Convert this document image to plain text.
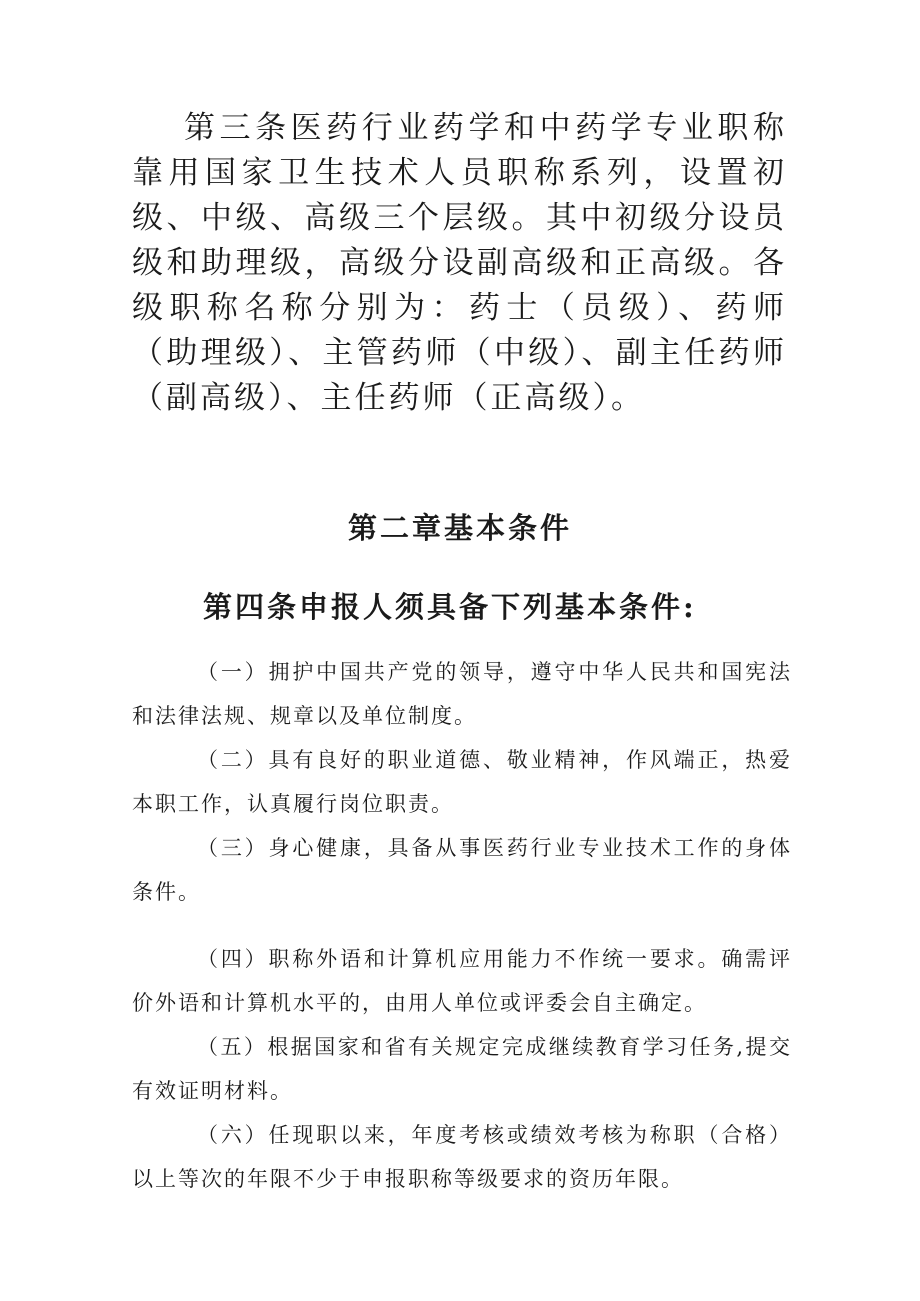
第三条医药行业药学和中药学专业职称靠用国家卫生技术人员职称系列，设置初级、中级、高级三个层级。其中初级分设员级和助理级，高级分设副高级和正高级。各级职称名称分别为：药士（员级）、药师（助理级）、主管药师（中级）、副主任药师（副高级）、主任药师（正高级）。

第二章基本条件
第四条申报人须具备下列基本条件:

（一）拥护中国共产党的领导，遵守中华人民共和国宪法和法律法规、规章以及单位制度。

（二）具有良好的职业道德、敬业精神，作风端正，热爱本职工作，认真履行岗位职责。

（三）身心健康，具备从事医药行业专业技术工作的身体条件。

（四）职称外语和计算机应用能力不作统一要求。确需评价外语和计算机水平的，由用人单位或评委会自主确定。

（五）根据国家和省有关规定完成继续教育学习任务,提交有效证明材料。

（六）任现职以来，年度考核或绩效考核为称职（合格）以上等次的年限不少于申报职称等级要求的资历年限。
